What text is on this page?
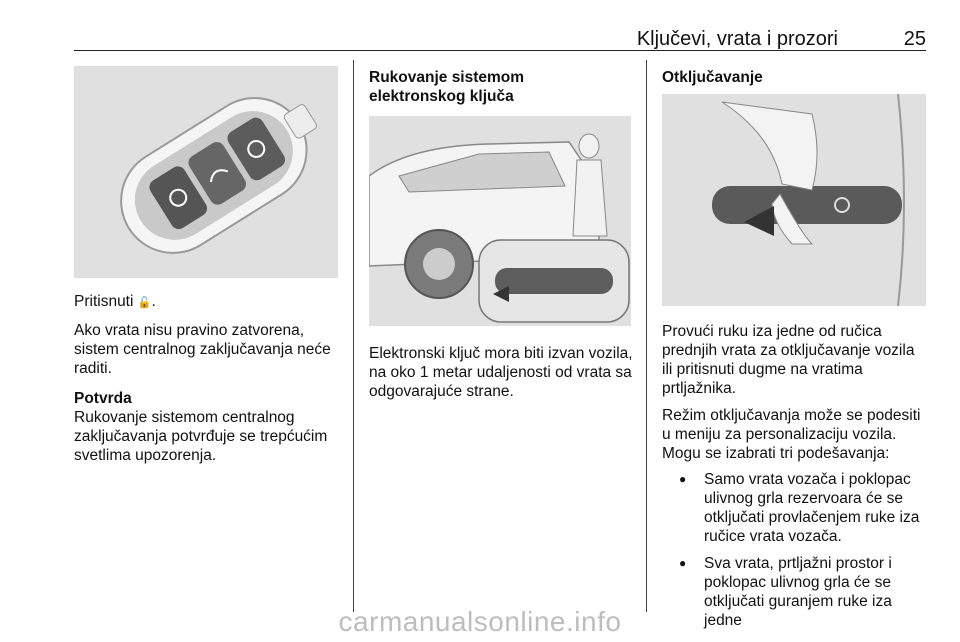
Ključevi, vrata i prozori	25

Pritisnuti 🔓.

Ako vrata nisu pravino zatvorena, sistem centralnog zaključavanja neće raditi.

Potvrda

Rukovanje sistemom centralnog zaključavanja potvrđuje se trepćućim svetlima upozorenja.

Rukovanje sistemom

elektronskog ključa

Elektronski ključ mora biti izvan vozila, na oko 1 metar udaljenosti od vrata sa odgovarajuće strane.

Otključavanje

Provući ruku iza jedne od ručica prednjih vrata za otključavanje vozila ili pritisnuti dugme na vratima prtljažnika.

Režim otključavanja može se podesiti u meniju za personalizaciju vozila. Mogu se izabrati tri podešavanja:

● Samo vrata vozača i poklopac ulivnog grla rezervoara će se otključati provlačenjem ruke iza ručice vrata vozača.
● Sva vrata, prtljažni prostor i poklopac ulivnog grla će se otključati guranjem ruke iza jedne
carmanualsonline.info
